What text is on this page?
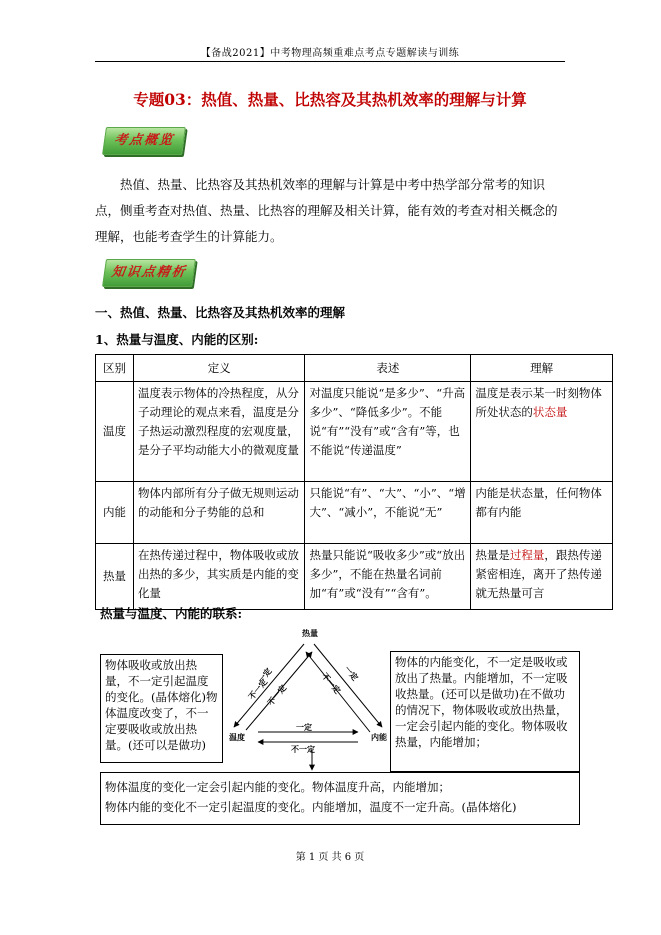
【备战2021】中考物理高频重难点考点专题解读与训练
专题03：热值、热量、比热容及其热机效率的理解与计算
考点概览
热值、热量、比热容及其热机效率的理解与计算是中考中热学部分常考的知识点，侧重考查对热值、热量、比热容的理解及相关计算，能有效的考查对相关概念的理解，也能考查学生的计算能力。
知识点精析
一、热值、热量、比热容及其热机效率的理解
1、热量与温度、内能的区别:
区别	定义	表述	理解
温度	温度表示物体的冷热程度，从分子动理论的观点来看，温度是分子热运动激烈程度的宏观度量，是分子平均动能大小的微观度量	对温度只能说“是多少”、“升高多少”、“降低多少”。不能说“有”“没有”或“含有”等，也不能说“传递温度”	温度是表示某一时刻物体所处状态的状态量
内能	物体内部所有分子做无规则运动的动能和分子势能的总和	只能说“有”、“大”、“小”、“增大”、“减小”，不能说“无”	内能是状态量，任何物体都有内能
热量	在热传递过程中，物体吸收或放出热的多少，其实质是内能的变化量	热量只能说“吸收多少”或“放出多少”，不能在热量名词前加“有”或“没有”“含有”。	热量是过程量，跟热传递紧密相连，离开了热传递就无热量可言
热量与温度、内能的联系:
物体吸收或放出热量，不一定引起温度的变化。(晶体熔化)物体温度改变了，不一定要吸收或放出热量。(还可以是做功)
物体的内能变化，不一定是吸收或放出了热量。内能增加，不一定吸收热量。(还可以是做功)在不做功的情况下，物体吸收或放出热量，一定会引起内能的变化。物体吸收热量，内能增加；
热量
温度	内能
一定
不一定
不一定
一定
不一定
一定
不一定
物体温度的变化一定会引起内能的变化。物体温度升高，内能增加；
物体内能的变化不一定引起温度的变化。内能增加，温度不一定升高。(晶体熔化)
第 1 页 共 6 页
